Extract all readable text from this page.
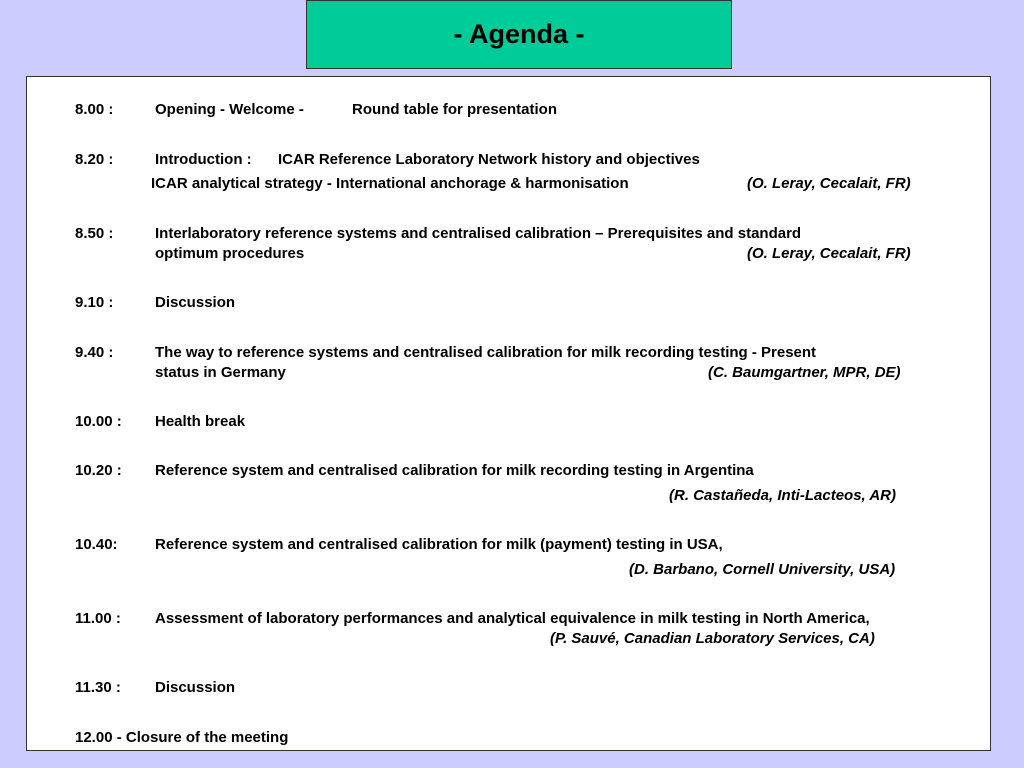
- Agenda -
8.00 :	Opening - Welcome -	Round table for presentation
8.20 :	Introduction : ICAR Reference Laboratory Network history and objectives
ICAR analytical strategy - International anchorage & harmonisation	(O. Leray, Cecalait, FR)
8.50 :	Interlaboratory reference systems and centralised calibration – Prerequisites and standard
optimum procedures	(O. Leray, Cecalait, FR)
9.10 :	Discussion
9.40 :	The way to reference systems and centralised calibration for milk recording testing - Present
status in Germany	(C. Baumgartner, MPR, DE)
10.00 : Health break
10.20 : Reference system and centralised calibration for milk recording testing in Argentina
(R. Castañeda, Inti-Lacteos, AR)
10.40: Reference system and centralised calibration for milk (payment) testing in USA,
(D. Barbano, Cornell University, USA)
11.00 : Assessment of laboratory performances and analytical equivalence in milk testing in North America,
(P. Sauvé, Canadian Laboratory Services, CA)
11.30 : Discussion
12.00 - Closure of the meeting
